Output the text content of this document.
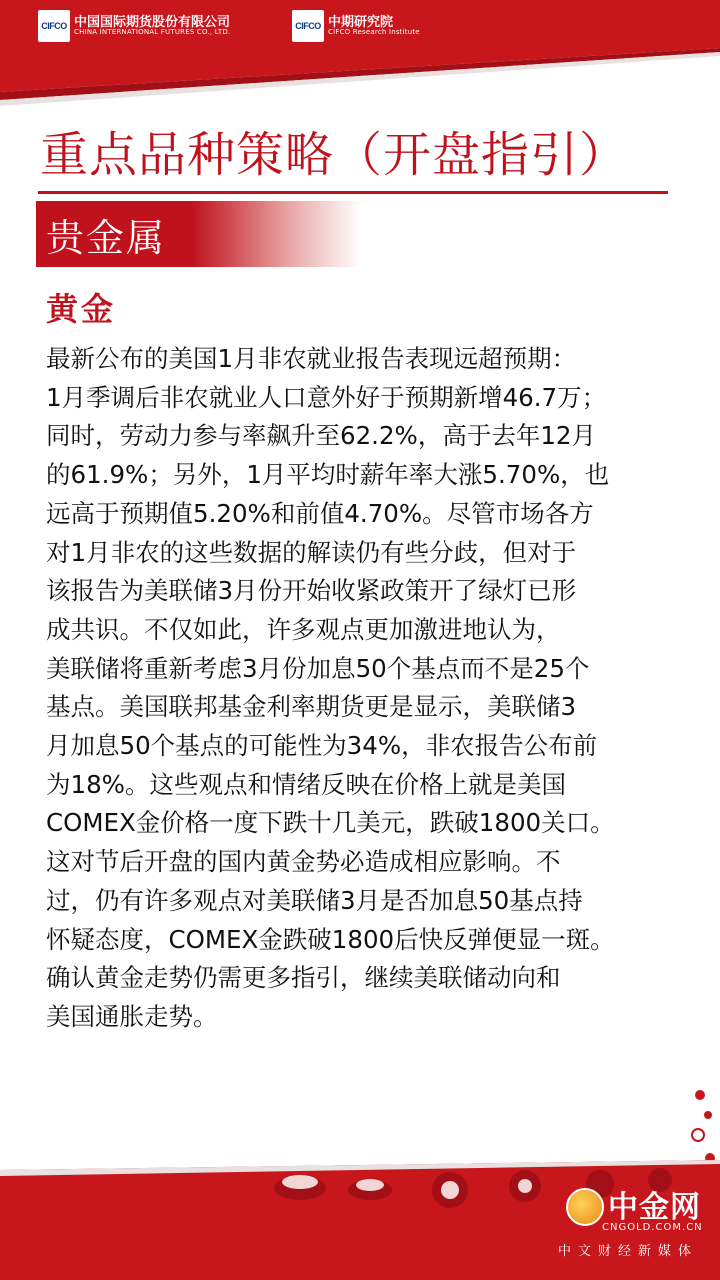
CIFCO 中国国际期货股份有限公司
CHINA INTERNATIONAL FUTURES CO., LTD.
CIFCO 中期研究院
CIFCO Research Institute
重点品种策略（开盘指引）
贵金属
黄金

最新公布的美国1月非农就业报告表现远超预期：
1月季调后非农就业人口意外好于预期新增46.7万；
同时，劳动力参与率飙升至62.2%，高于去年12月
的61.9%；另外，1月平均时薪年率大涨5.70%，也
远高于预期值5.20%和前值4.70%。尽管市场各方
对1月非农的这些数据的解读仍有些分歧，但对于
该报告为美联储3月份开始收紧政策开了绿灯已形
成共识。不仅如此，许多观点更加激进地认为，
美联储将重新考虑3月份加息50个基点而不是25个
基点。美国联邦基金利率期货更是显示，美联储3
月加息50个基点的可能性为34%，非农报告公布前
为18%。这些观点和情绪反映在价格上就是美国
COMEX金价格一度下跌十几美元，跌破1800关口。
这对节后开盘的国内黄金势必造成相应影响。不
过，仍有许多观点对美联储3月是否加息50基点持
怀疑态度，COMEX金跌破1800后快反弹便显一斑。
确认黄金走势仍需更多指引，继续美联储动向和
美国通胀走势。

中金网
CNGOLD.COM.CN
中文财经新媒体
